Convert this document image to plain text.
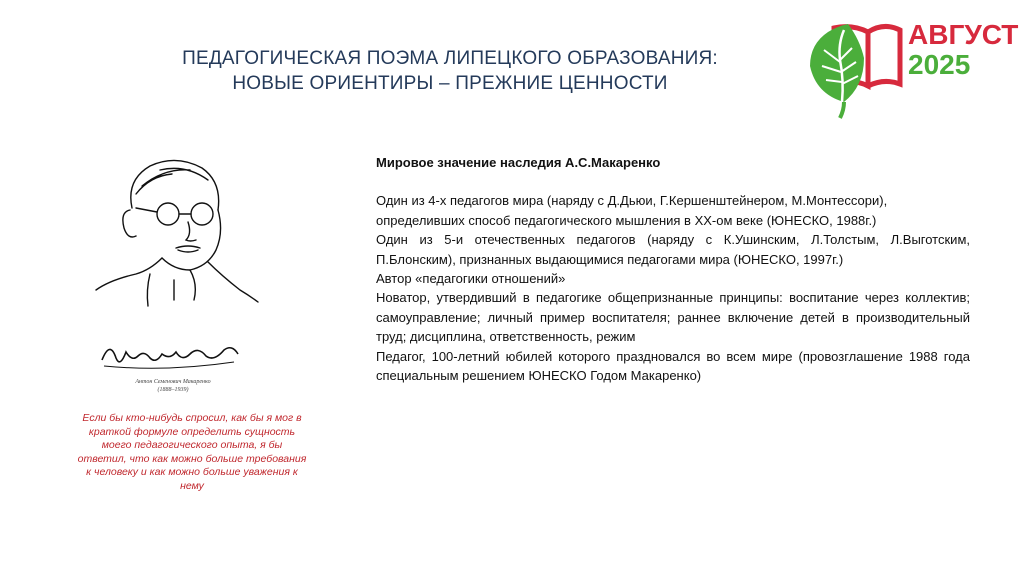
ПЕДАГОГИЧЕСКАЯ ПОЭМА ЛИПЕЦКОГО ОБРАЗОВАНИЯ:
НОВЫЕ ОРИЕНТИРЫ – ПРЕЖНИЕ ЦЕННОСТИ
АВГУСТ
2025
Антон Семенович Макаренко
(1888–1939)
Если бы кто-нибудь спросил, как бы я мог в краткой формуле определить сущность моего педагогического опыта, я бы ответил, что как можно больше требования к человеку и как можно больше уважения к нему
Мировое значение наследия А.С.Макаренко

Один из 4-х педагогов мира (наряду с Д.Дьюи, Г.Кершенштейнером, М.Монтессори), определивших способ педагогического мышления в ХХ-ом веке (ЮНЕСКО, 1988г.)

Один из 5-и отечественных педагогов (наряду с К.Ушинским, Л.Толстым, Л.Выготским, П.Блонским), признанных выдающимися педагогами мира (ЮНЕСКО, 1997г.)

Автор «педагогики отношений»

Новатор, утвердивший в педагогике общепризнанные принципы: воспитание через коллектив; самоуправление; личный пример воспитателя; раннее включение детей в производительный труд; дисциплина, ответственность, режим

Педагог, 100-летний юбилей которого праздновался во всем мире (провозглашение 1988 года специальным решением ЮНЕСКО Годом Макаренко)
